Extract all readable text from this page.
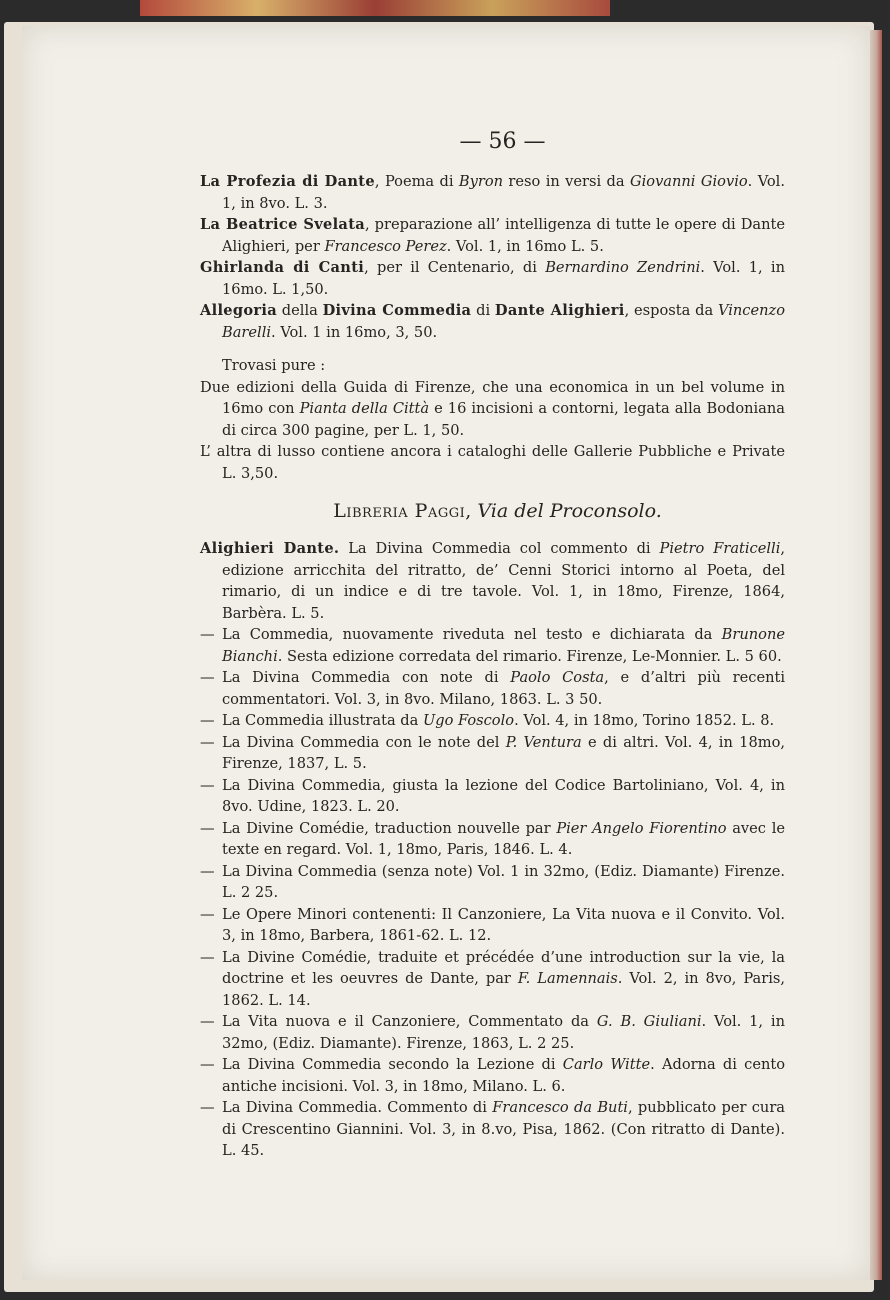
— 56 —

La Profezia di Dante, Poema di Byron reso in versi da Giovanni Giovio. Vol. 1, in 8vo. L. 3.

La Beatrice Svelata, preparazione all’ intelligenza di tutte le opere di Dante Alighieri, per Francesco Perez. Vol. 1, in 16mo L. 5.

Ghirlanda di Canti, per il Centenario, di Bernardino Zendrini. Vol. 1, in 16mo. L. 1,50.

Allegoria della Divina Commedia di Dante Alighieri, esposta da Vincenzo Barelli. Vol. 1 in 16mo, 3, 50.

Trovasi pure :

Due edizioni della Guida di Firenze, che una economica in un bel volume in 16mo con Pianta della Città e 16 incisioni a contorni, legata alla Bodoniana di circa 300 pagine, per L. 1, 50.

L’ altra di lusso contiene ancora i cataloghi delle Gallerie Pubbliche e Private L. 3,50.

Libreria Paggi, Via del Proconsolo.

Alighieri Dante. La Divina Commedia col commento di Pietro Fraticelli, edizione arricchita del ritratto, de’ Cenni Storici intorno al Poeta, del rimario, di un indice e di tre tavole. Vol. 1, in 18mo, Firenze, 1864, Barbèra. L. 5.

— La Commedia, nuovamente riveduta nel testo e dichiarata da Brunone Bianchi. Sesta edizione corredata del rimario. Firenze, Le-Monnier. L. 5 60.

— La Divina Commedia con note di Paolo Costa, e d’altri più recenti commentatori. Vol. 3, in 8vo. Milano, 1863. L. 3 50.

— La Commedia illustrata da Ugo Foscolo. Vol. 4, in 18mo, Torino 1852. L. 8.

— La Divina Commedia con le note del P. Ventura e di altri. Vol. 4, in 18mo, Firenze, 1837, L. 5.

— La Divina Commedia, giusta la lezione del Codice Bartoliniano, Vol. 4, in 8vo. Udine, 1823. L. 20.

— La Divine Comédie, traduction nouvelle par Pier Angelo Fiorentino avec le texte en regard. Vol. 1, 18mo, Paris, 1846. L. 4.

— La Divina Commedia (senza note) Vol. 1 in 32mo, (Ediz. Diamante) Firenze. L. 2 25.

— Le Opere Minori contenenti: Il Canzoniere, La Vita nuova e il Convito. Vol. 3, in 18mo, Barbera, 1861-62. L. 12.

— La Divine Comédie, traduite et précédée d’une introduction sur la vie, la doctrine et les oeuvres de Dante, par F. Lamennais. Vol. 2, in 8vo, Paris, 1862. L. 14.

— La Vita nuova e il Canzoniere, Commentato da G. B. Giuliani. Vol. 1, in 32mo, (Ediz. Diamante). Firenze, 1863, L. 2 25.

— La Divina Commedia secondo la Lezione di Carlo Witte. Adorna di cento antiche incisioni. Vol. 3, in 18mo, Milano. L. 6.

— La Divina Commedia. Commento di Francesco da Buti, pubblicato per cura di Crescentino Giannini. Vol. 3, in 8.vo, Pisa, 1862. (Con ritratto di Dante). L. 45.
